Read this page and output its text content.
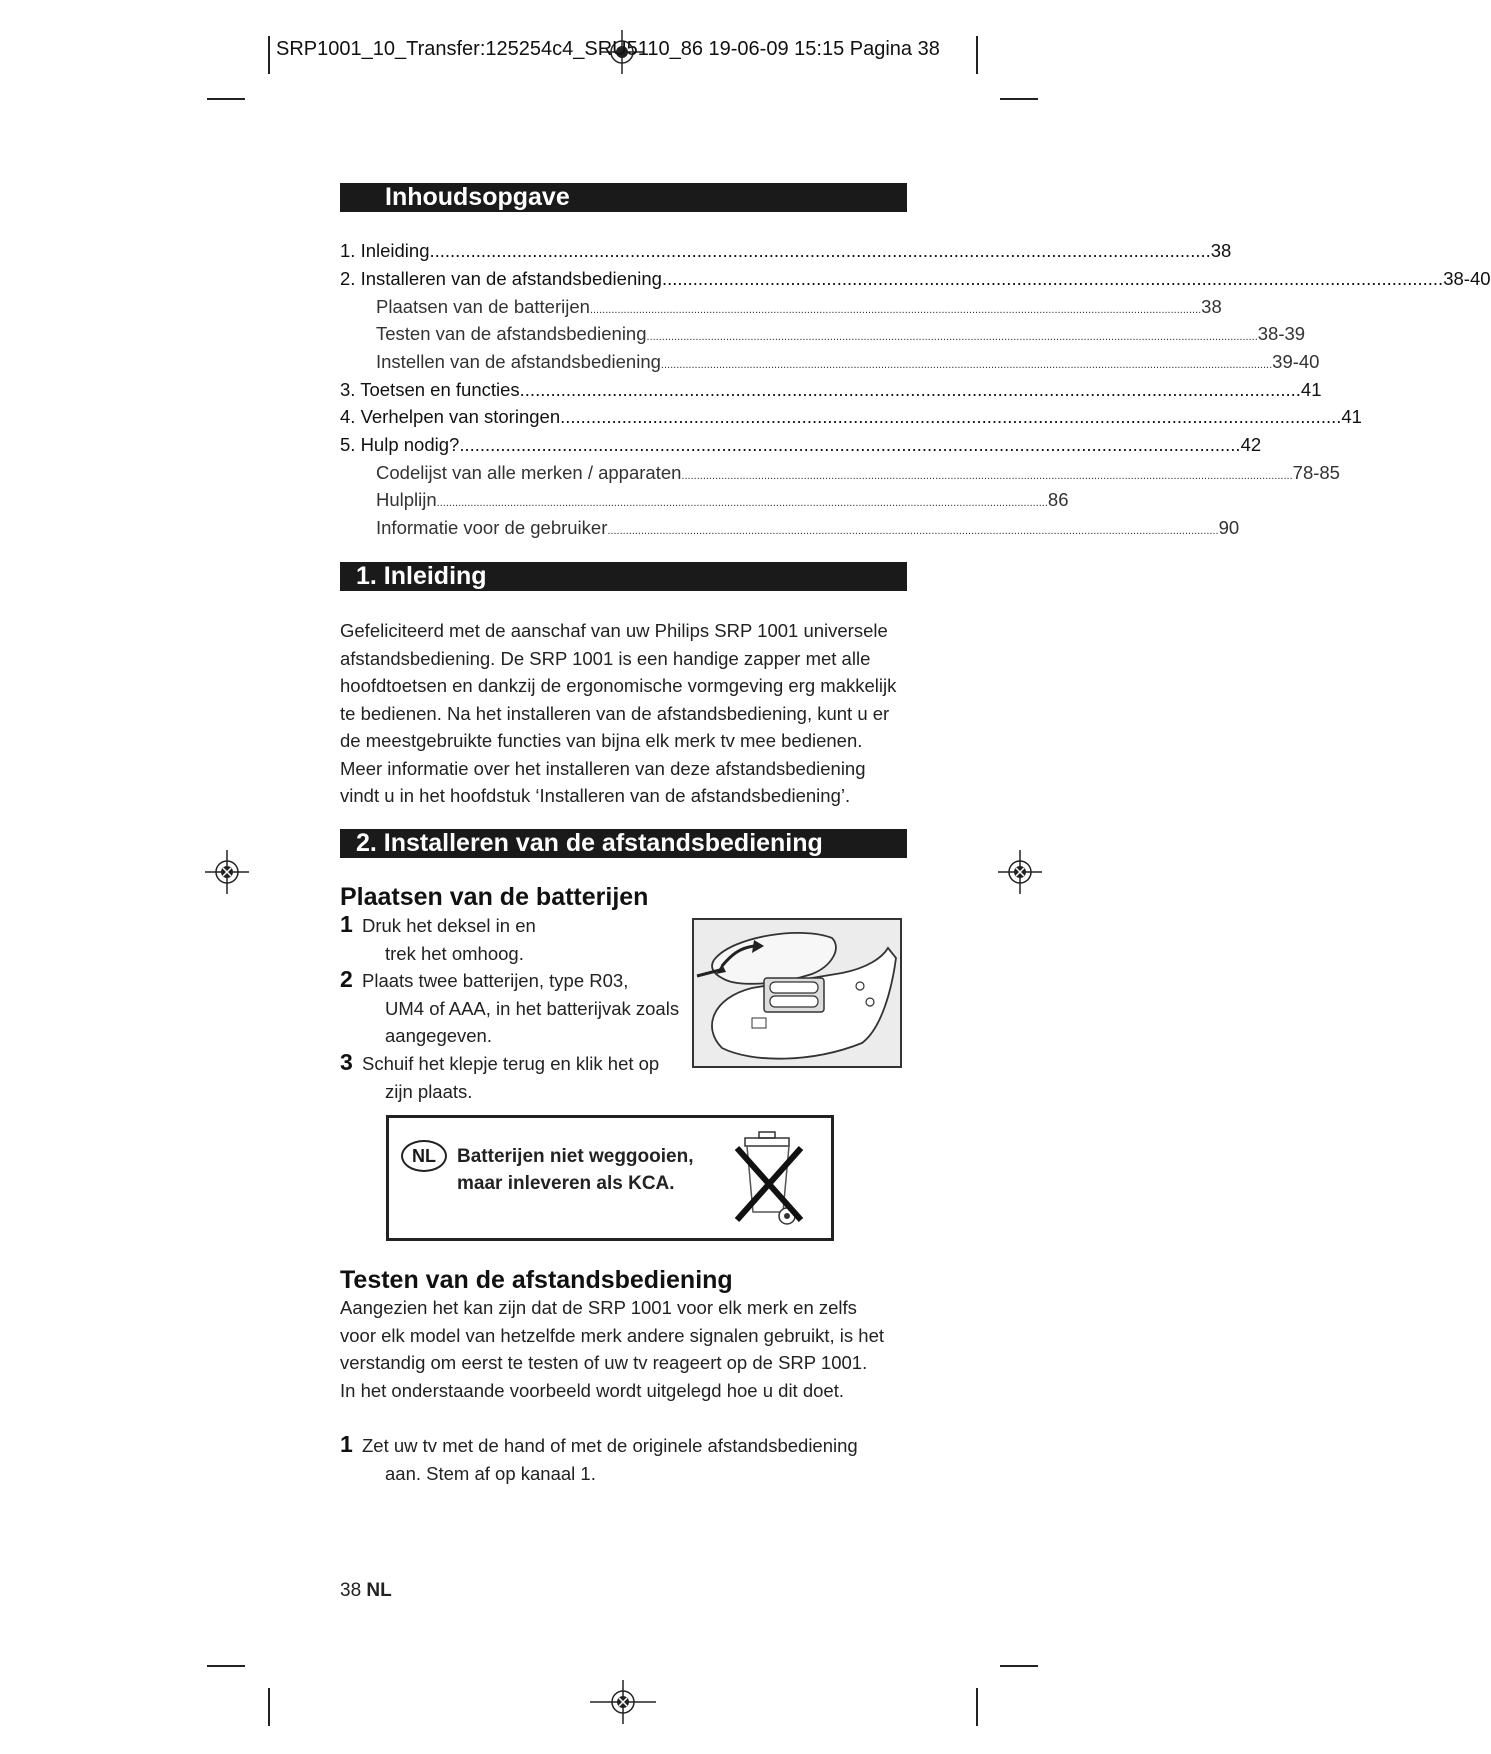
SRP1001_10_Transfer:125254c4_SRU5110_86 19-06-09 15:15 Pagina 38
Inhoudsopgave
1. Inleiding ........................................................................................................................................................ 38
2. Installeren van de afstandsbediening ........................................................................................................................................................ 38-40
Plaatsen van de batterijen ........................................................................................................................................................................................................ 38
Testen van de afstandsbediening ........................................................................................................................................................................................................ 38-39
Instellen van de afstandsbediening ........................................................................................................................................................................................................ 39-40
3. Toetsen en functies ........................................................................................................................................................ 41
4. Verhelpen van storingen ........................................................................................................................................................ 41
5. Hulp nodig? ........................................................................................................................................................ 42
Codelijst van alle merken / apparaten ........................................................................................................................................................................................................ 78-85
Hulplijn ........................................................................................................................................................................................................ 86
Informatie voor de gebruiker ........................................................................................................................................................................................................ 90
1. Inleiding
Gefeliciteerd met de aanschaf van uw Philips SRP 1001 universele
afstandsbediening. De SRP 1001 is een handige zapper met alle
hoofdtoetsen en dankzij de ergonomische vormgeving erg makkelijk
te bedienen. Na het installeren van de afstandsbediening, kunt u er
de meestgebruikte functies van bijna elk merk tv mee bedienen.
Meer informatie over het installeren van deze afstandsbediening
vindt u in het hoofdstuk ‘Installeren van de afstandsbediening’.
2. Installeren van de afstandsbediening
Plaatsen van de batterijen
1 Druk het deksel in en
trek het omhoog.
2 Plaats twee batterijen, type R03,
UM4 of AAA, in het batterijvak zoals
aangegeven.
3 Schuif het klepje terug en klik het op
zijn plaats.
NL	Batterijen niet weggooien,
maar inleveren als KCA.
Testen van de afstandsbediening
Aangezien het kan zijn dat de SRP 1001 voor elk merk en zelfs
voor elk model van hetzelfde merk andere signalen gebruikt, is het
verstandig om eerst te testen of uw tv reageert op de SRP 1001.
In het onderstaande voorbeeld wordt uitgelegd hoe u dit doet.
1 Zet uw tv met de hand of met de originele afstandsbediening
aan. Stem af op kanaal 1.
38 NL
